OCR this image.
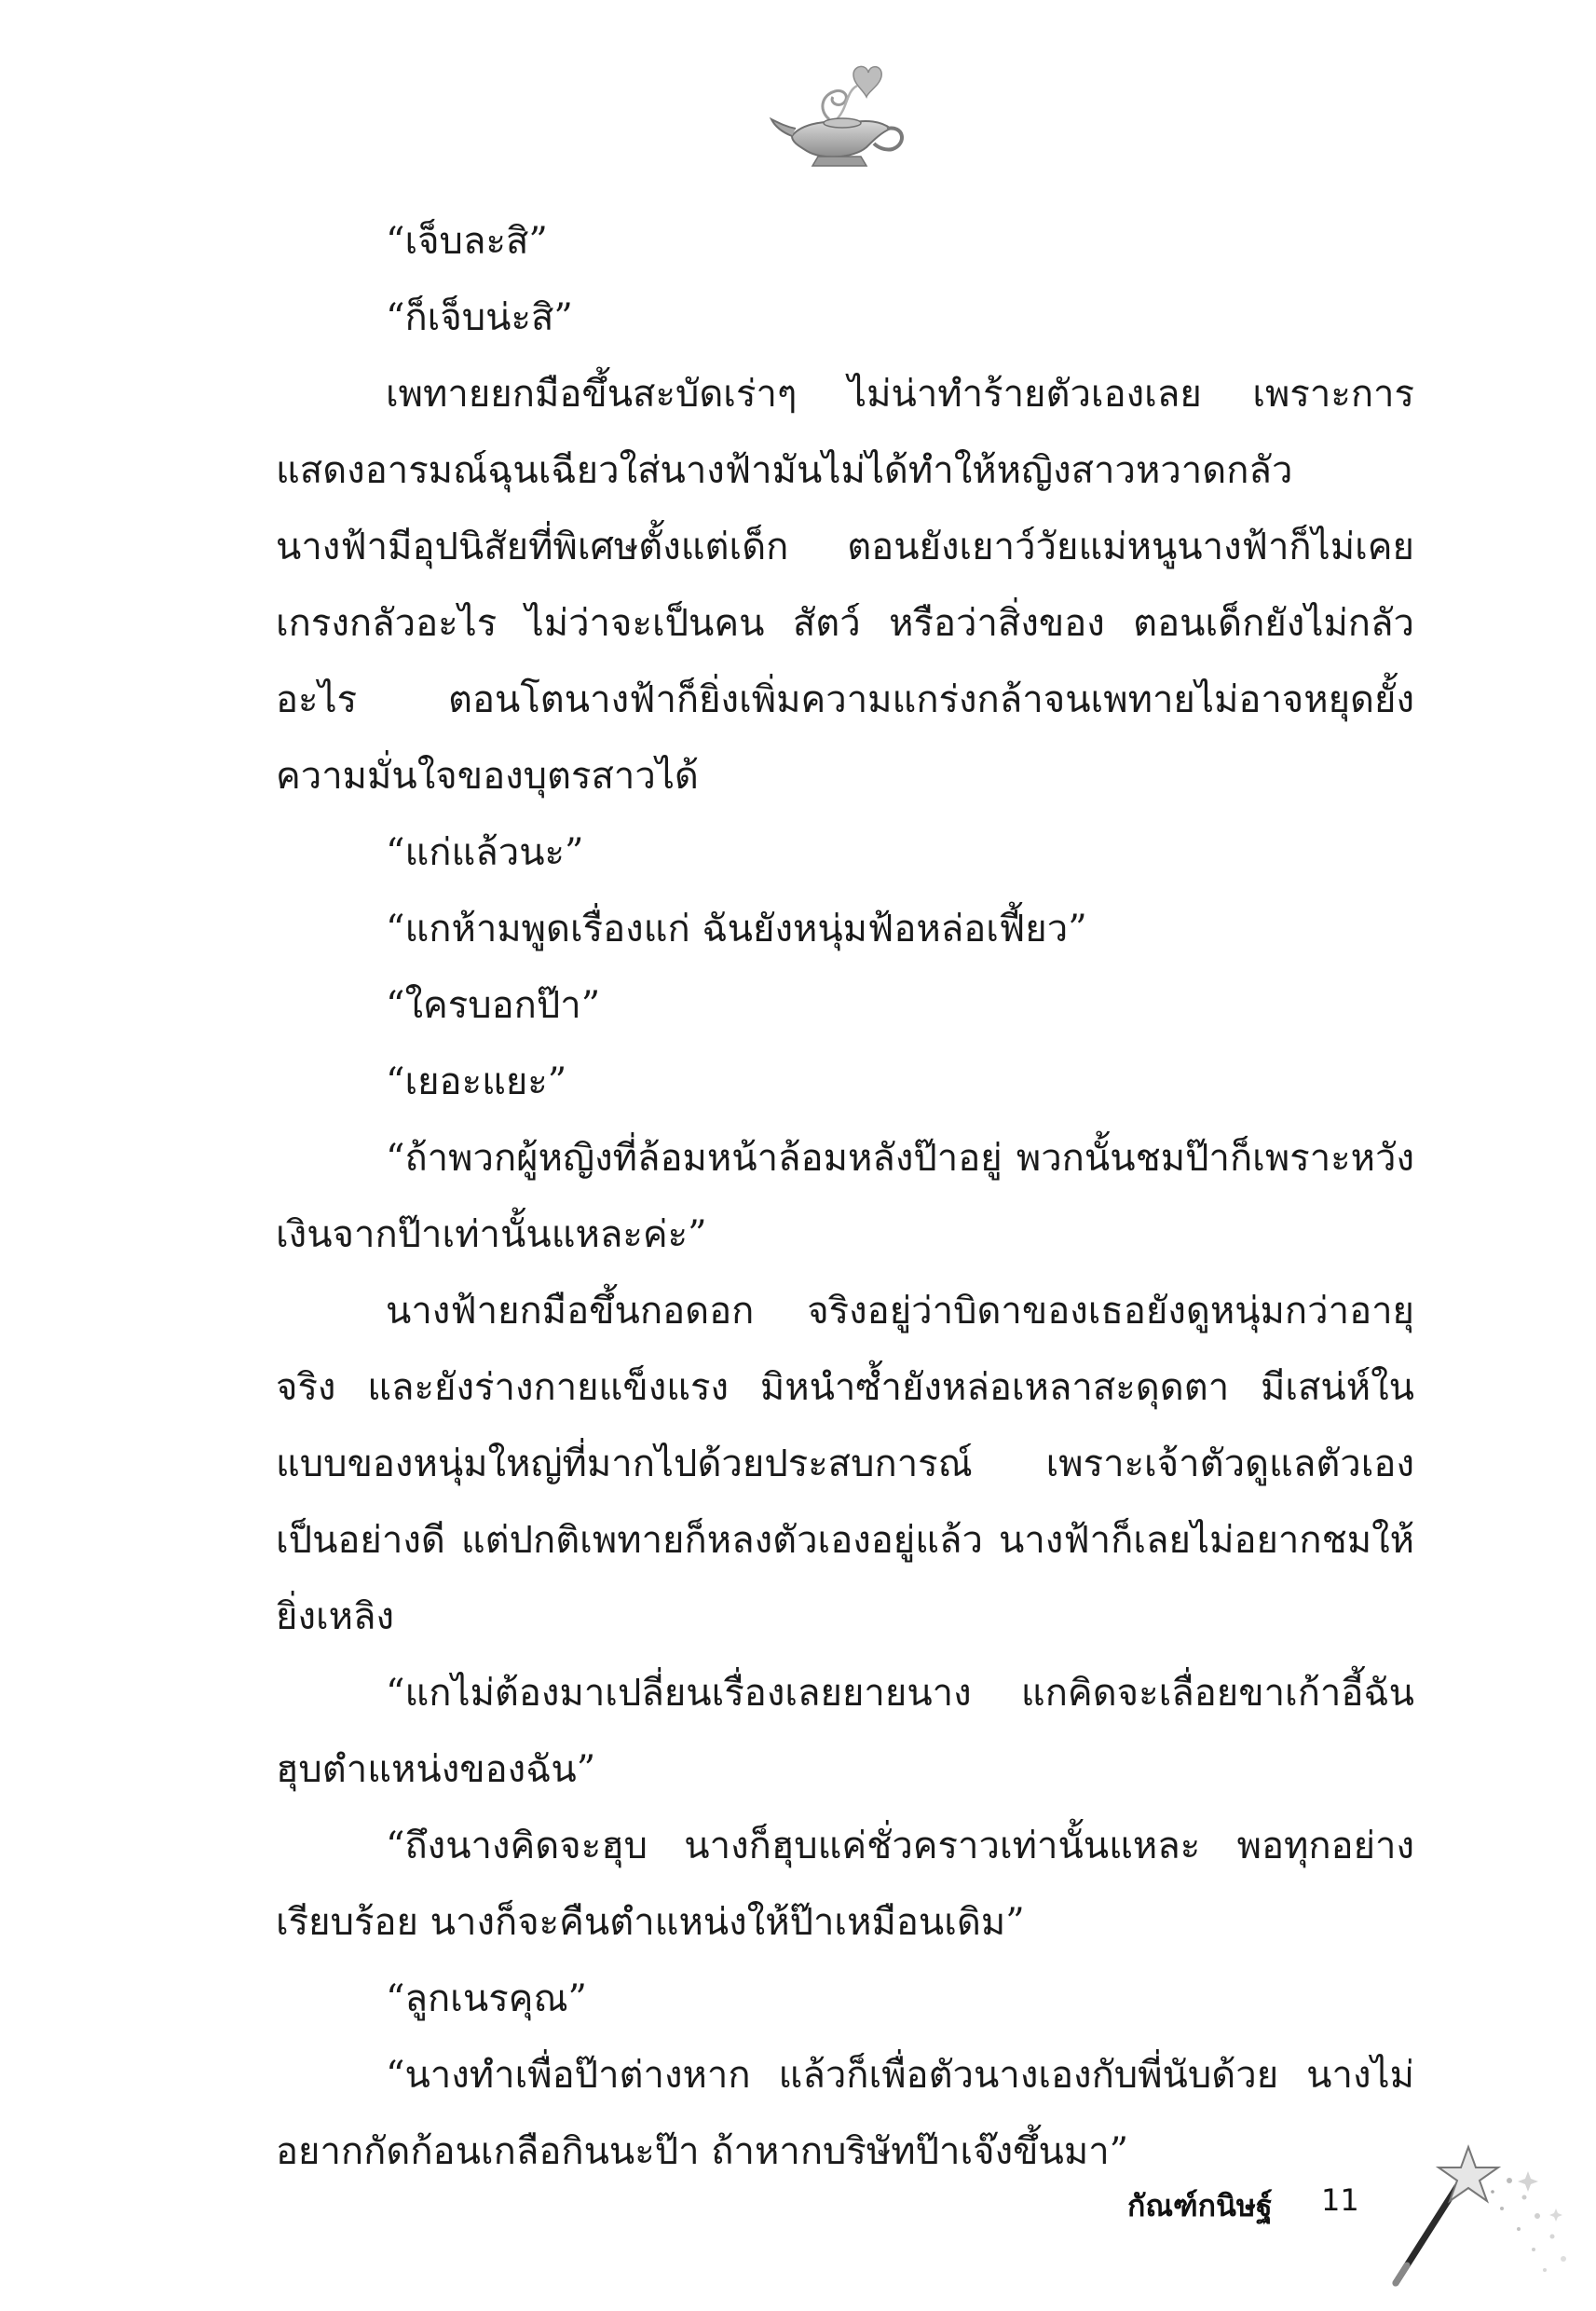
“เจ็บละสิ”

“ก็เจ็บน่ะสิ”

เพทายยกมือขึ้นสะบัดเร่าๆ ไม่น่าทำร้ายตัวเองเลย เพราะการแสดงอารมณ์ฉุนเฉียวใส่นางฟ้ามันไม่ได้ทำให้หญิงสาวหวาดกลัว นางฟ้ามีอุปนิสัยที่พิเศษตั้งแต่เด็ก ตอนยังเยาว์วัยแม่หนูนางฟ้าก็ไม่เคยเกรงกลัวอะไร ไม่ว่าจะเป็นคน สัตว์ หรือว่าสิ่งของ ตอนเด็กยังไม่กลัวอะไร ตอนโตนางฟ้าก็ยิ่งเพิ่มความแกร่งกล้าจนเพทายไม่อาจหยุดยั้งความมั่นใจของบุตรสาวได้

“แก่แล้วนะ”

“แกห้ามพูดเรื่องแก่ ฉันยังหนุ่มฟ้อหล่อเฟี้ยว”

“ใครบอกป๊า”

“เยอะแยะ”

“ถ้าพวกผู้หญิงที่ล้อมหน้าล้อมหลังป๊าอยู่ พวกนั้นชมป๊าก็เพราะหวังเงินจากป๊าเท่านั้นแหละค่ะ”

นางฟ้ายกมือขึ้นกอดอก จริงอยู่ว่าบิดาของเธอยังดูหนุ่มกว่าอายุจริง และยังร่างกายแข็งแรง มิหนำซ้ำยังหล่อเหลาสะดุดตา มีเสน่ห์ในแบบของหนุ่มใหญ่ที่มากไปด้วยประสบการณ์ เพราะเจ้าตัวดูแลตัวเองเป็นอย่างดี แต่ปกติเพทายก็หลงตัวเองอยู่แล้ว นางฟ้าก็เลยไม่อยากชมให้ยิ่งเหลิง

“แกไม่ต้องมาเปลี่ยนเรื่องเลยยายนาง แกคิดจะเลื่อยขาเก้าอี้ฉันฮุบตำแหน่งของฉัน”

“ถึงนางคิดจะฮุบ นางก็ฮุบแค่ชั่วคราวเท่านั้นแหละ พอทุกอย่างเรียบร้อย นางก็จะคืนตำแหน่งให้ป๊าเหมือนเดิม”

“ลูกเนรคุณ”

“นางทำเพื่อป๊าต่างหาก แล้วก็เพื่อตัวนางเองกับพี่นับด้วย นางไม่อยากกัดก้อนเกลือกินนะป๊า ถ้าหากบริษัทป๊าเจ๊งขึ้นมา”

กัณฑ์กนิษฐ์ 11
